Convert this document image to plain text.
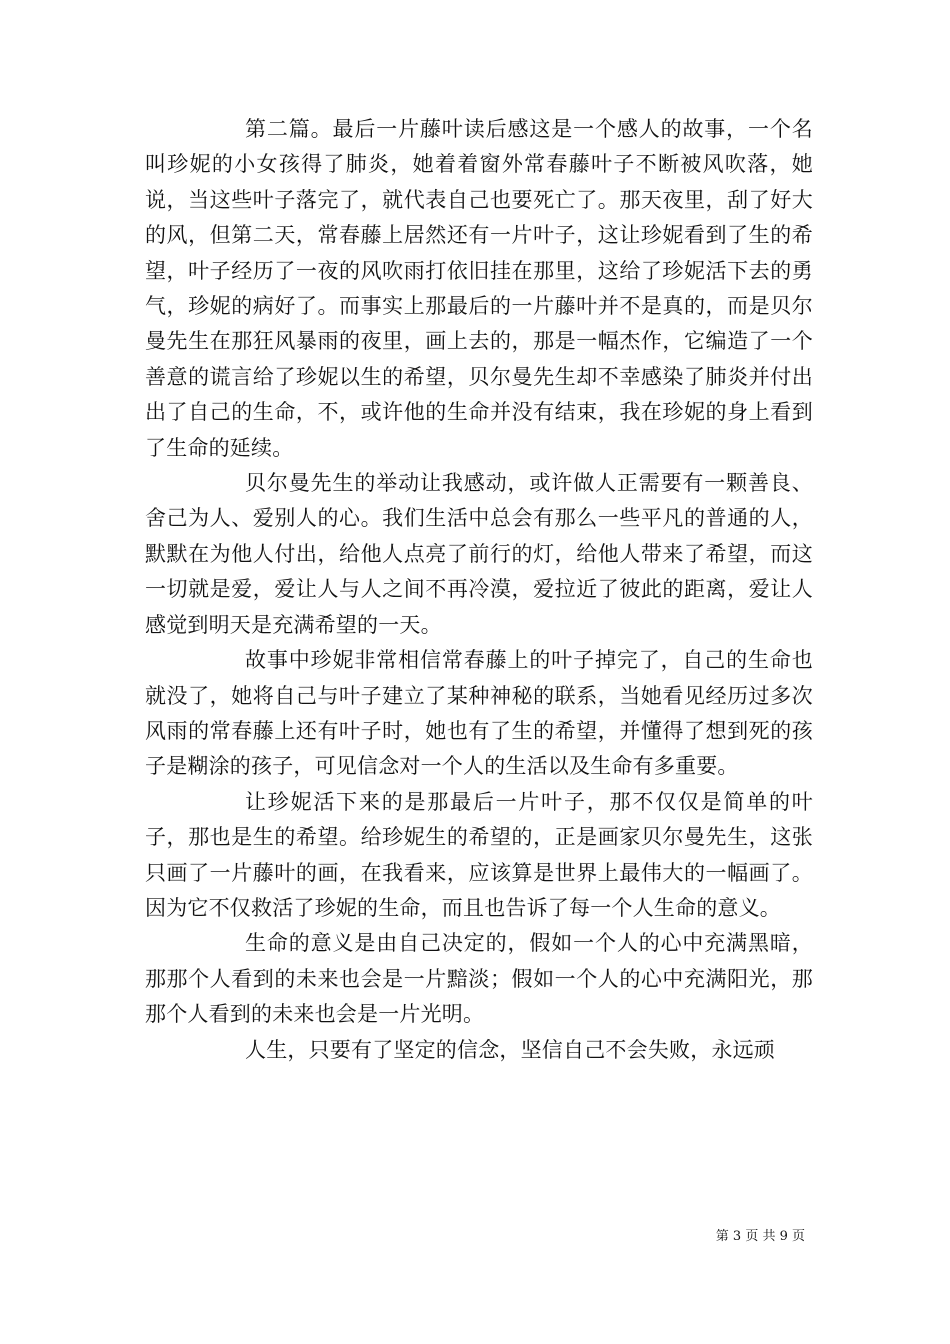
第二篇。最后一片藤叶读后感这是一个感人的故事，一个名叫珍妮的小女孩得了肺炎，她着着窗外常春藤叶子不断被风吹落，她说，当这些叶子落完了，就代表自己也要死亡了。那天夜里，刮了好大的风，但第二天，常春藤上居然还有一片叶子，这让珍妮看到了生的希望，叶子经历了一夜的风吹雨打依旧挂在那里，这给了珍妮活下去的勇气，珍妮的病好了。而事实上那最后的一片藤叶并不是真的，而是贝尔曼先生在那狂风暴雨的夜里，画上去的，那是一幅杰作，它编造了一个善意的谎言给了珍妮以生的希望，贝尔曼先生却不幸感染了肺炎并付出出了自己的生命，不，或许他的生命并没有结束，我在珍妮的身上看到了生命的延续。

贝尔曼先生的举动让我感动，或许做人正需要有一颗善良、舍己为人、爱别人的心。我们生活中总会有那么一些平凡的普通的人，默默在为他人付出，给他人点亮了前行的灯，给他人带来了希望，而这一切就是爱，爱让人与人之间不再冷漠，爱拉近了彼此的距离，爱让人感觉到明天是充满希望的一天。

故事中珍妮非常相信常春藤上的叶子掉完了，自己的生命也就没了，她将自己与叶子建立了某种神秘的联系，当她看见经历过多次风雨的常春藤上还有叶子时，她也有了生的希望，并懂得了想到死的孩子是糊涂的孩子，可见信念对一个人的生活以及生命有多重要。

让珍妮活下来的是那最后一片叶子，那不仅仅是简单的叶子，那也是生的希望。给珍妮生的希望的，正是画家贝尔曼先生，这张只画了一片藤叶的画，在我看来，应该算是世界上最伟大的一幅画了。因为它不仅救活了珍妮的生命，而且也告诉了每一个人生命的意义。

生命的意义是由自己决定的，假如一个人的心中充满黑暗，那那个人看到的未来也会是一片黯淡；假如一个人的心中充满阳光，那那个人看到的未来也会是一片光明。

人生，只要有了坚定的信念，坚信自己不会失败，永远顽

第 3 页 共 9 页
